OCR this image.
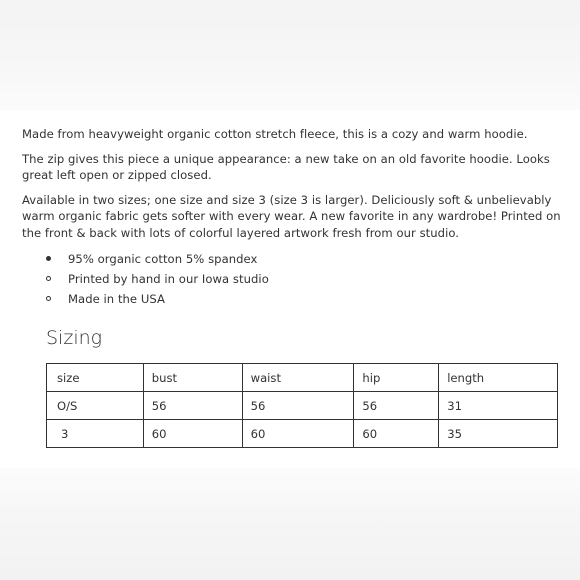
Made from heavyweight organic cotton stretch fleece, this is a cozy and warm hoodie.

The zip gives this piece a unique appearance: a new take on an old favorite hoodie. Looks great left open or zipped closed.

Available in two sizes; one size and size 3 (size 3 is larger). Deliciously soft & unbelievably warm organic fabric gets softer with every wear. A new favorite in any wardrobe! Printed on the front & back with lots of colorful layered artwork fresh from our studio.

95% organic cotton 5% spandex
Printed by hand in our Iowa studio
Made in the USA
Sizing
size	bust	waist	hip	length
O/S	56	56	56	31
3	60	60	60	35
